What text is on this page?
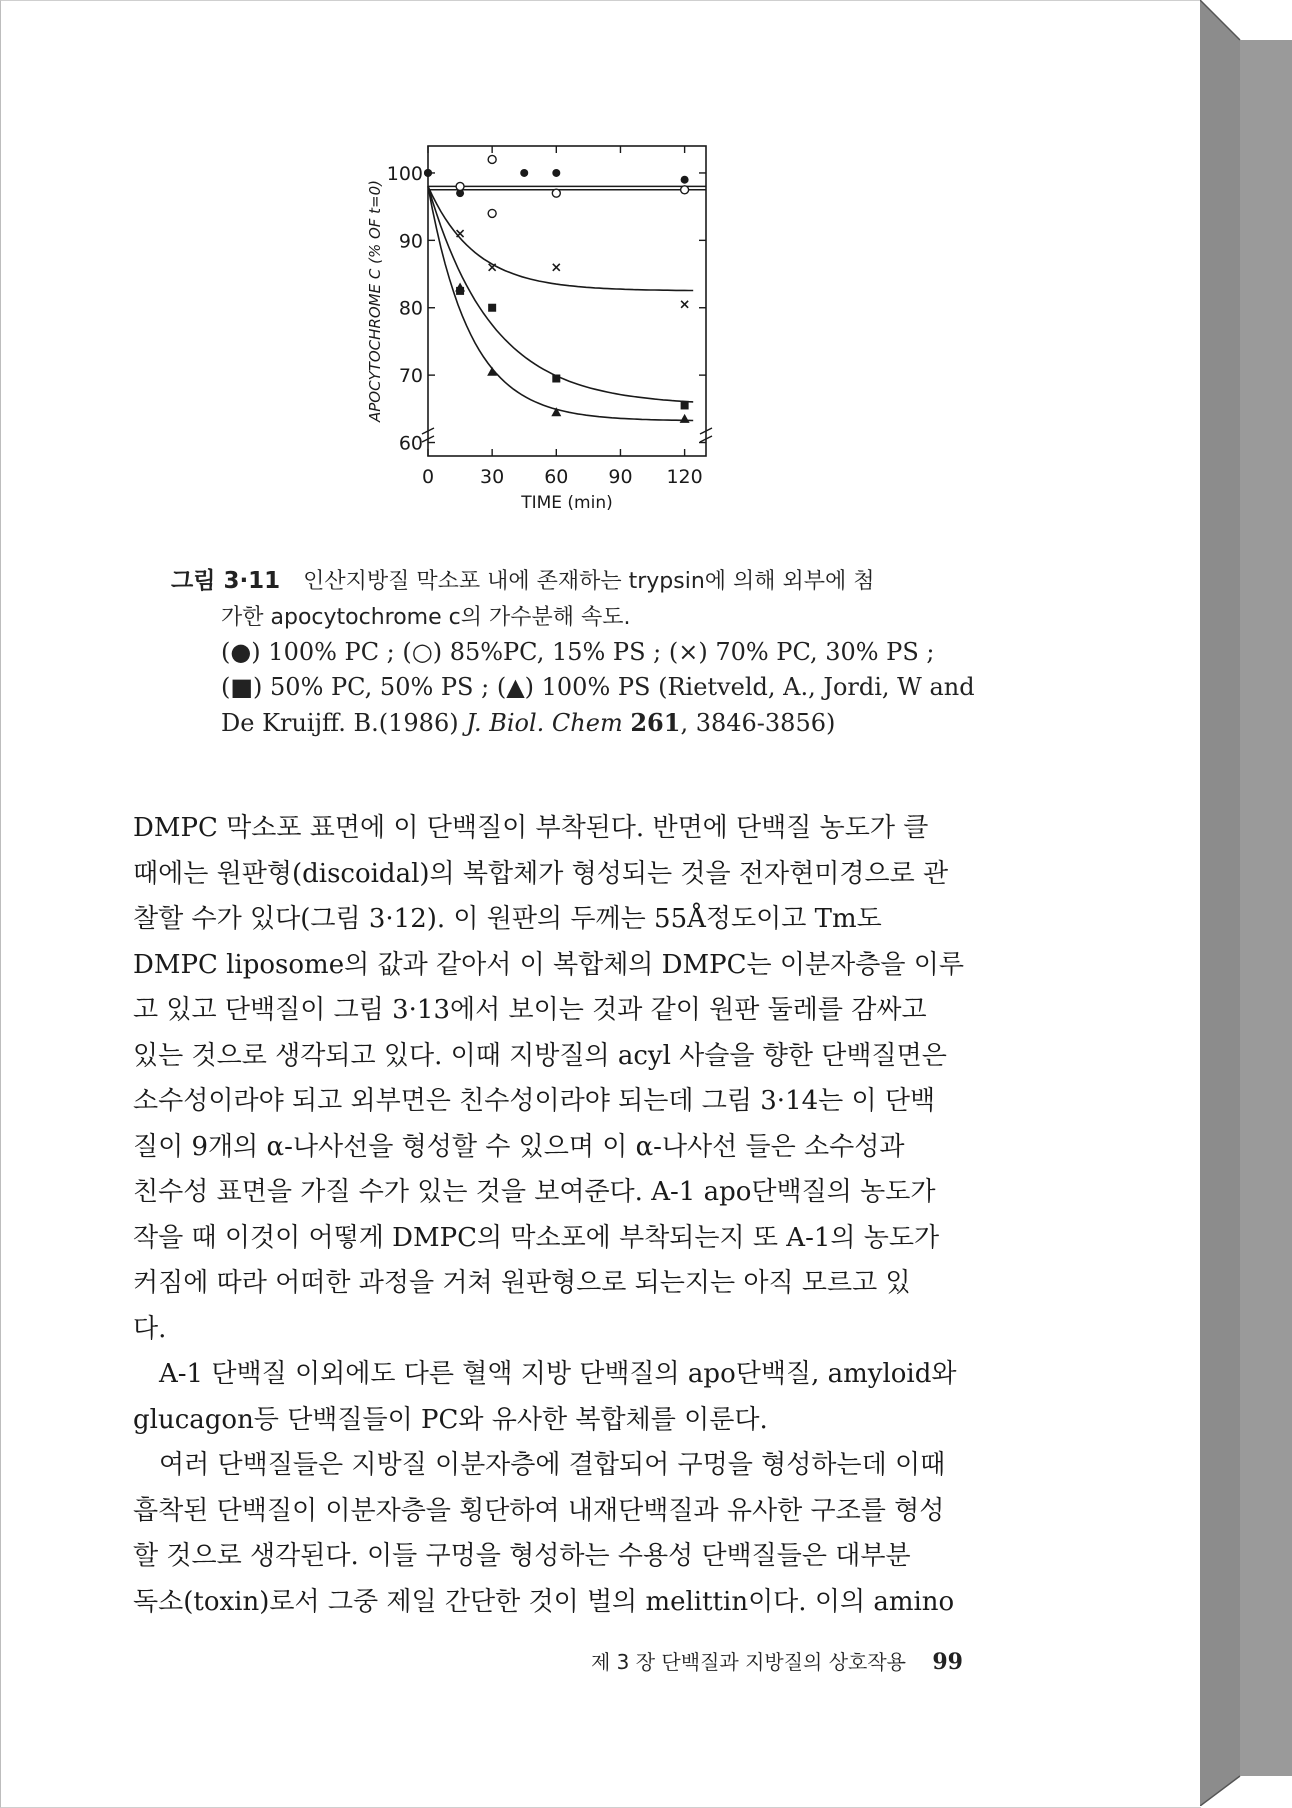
60
70
80
90
100
0 30 60 90 120
TIME (min)
APOCYTOCHROME C (% OF t=0)
그림 3·11 인산지방질 막소포 내에 존재하는 trypsin에 의해 외부에 첨
가한 apocytochrome c의 가수분해 속도.
(●) 100% PC ; (○) 85%PC, 15% PS ; (×) 70% PC, 30% PS ;
(■) 50% PC, 50% PS ; (▲) 100% PS (Rietveld, A., Jordi, W and
De Kruijff. B.(1986) J. Biol. Chem 261, 3846-3856)
DMPC 막소포 표면에 이 단백질이 부착된다. 반면에 단백질 농도가 클
때에는 원판형(discoidal)의 복합체가 형성되는 것을 전자현미경으로 관
찰할 수가 있다(그림 3·12). 이 원판의 두께는 55Å정도이고 Tm도
DMPC liposome의 값과 같아서 이 복합체의 DMPC는 이분자층을 이루
고 있고 단백질이 그림 3·13에서 보이는 것과 같이 원판 둘레를 감싸고
있는 것으로 생각되고 있다. 이때 지방질의 acyl 사슬을 향한 단백질면은
소수성이라야 되고 외부면은 친수성이라야 되는데 그림 3·14는 이 단백
질이 9개의 α-나사선을 형성할 수 있으며 이 α-나사선 들은 소수성과
친수성 표면을 가질 수가 있는 것을 보여준다. A-1 apo단백질의 농도가
작을 때 이것이 어떻게 DMPC의 막소포에 부착되는지 또 A-1의 농도가
커짐에 따라 어떠한 과정을 거쳐 원판형으로 되는지는 아직 모르고 있
다.
A-1 단백질 이외에도 다른 혈액 지방 단백질의 apo단백질, amyloid와
glucagon등 단백질들이 PC와 유사한 복합체를 이룬다.
여러 단백질들은 지방질 이분자층에 결합되어 구멍을 형성하는데 이때
흡착된 단백질이 이분자층을 횡단하여 내재단백질과 유사한 구조를 형성
할 것으로 생각된다. 이들 구멍을 형성하는 수용성 단백질들은 대부분
독소(toxin)로서 그중 제일 간단한 것이 벌의 melittin이다. 이의 amino
제 3 장 단백질과 지방질의 상호작용 99
